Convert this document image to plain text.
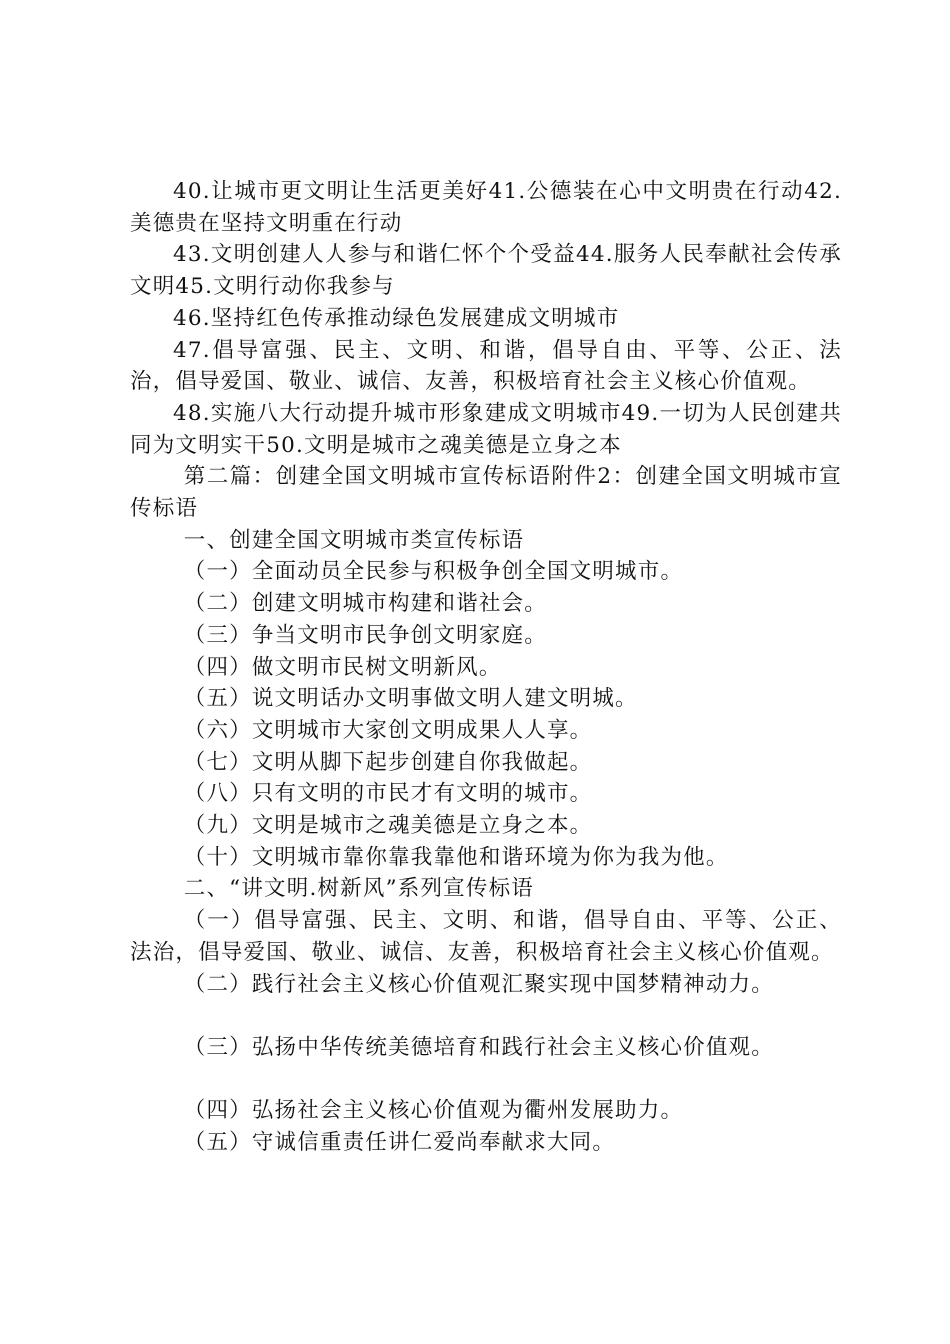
40.让城市更文明让生活更美好41.公德装在心中文明贵在行动42.美德贵在坚持文明重在行动

43.文明创建人人参与和谐仁怀个个受益44.服务人民奉献社会传承文明45.文明行动你我参与

46.坚持红色传承推动绿色发展建成文明城市

47.倡导富强、民主、文明、和谐，倡导自由、平等、公正、法治，倡导爱国、敬业、诚信、友善，积极培育社会主义核心价值观。

48.实施八大行动提升城市形象建成文明城市49.一切为人民创建共同为文明实干50.文明是城市之魂美德是立身之本

第二篇：创建全国文明城市宣传标语附件2：创建全国文明城市宣传标语

一、创建全国文明城市类宣传标语

（一）全面动员全民参与积极争创全国文明城市。

（二）创建文明城市构建和谐社会。

（三）争当文明市民争创文明家庭。

（四）做文明市民树文明新风。

（五）说文明话办文明事做文明人建文明城。

（六）文明城市大家创文明成果人人享。

（七）文明从脚下起步创建自你我做起。

（八）只有文明的市民才有文明的城市。

（九）文明是城市之魂美德是立身之本。

（十）文明城市靠你靠我靠他和谐环境为你为我为他。

二、“讲文明.树新风”系列宣传标语

（一）倡导富强、民主、文明、和谐，倡导自由、平等、公正、法治，倡导爱国、敬业、诚信、友善，积极培育社会主义核心价值观。

（二）践行社会主义核心价值观汇聚实现中国梦精神动力。

（三）弘扬中华传统美德培育和践行社会主义核心价值观。

（四）弘扬社会主义核心价值观为衢州发展助力。

（五）守诚信重责任讲仁爱尚奉献求大同。
